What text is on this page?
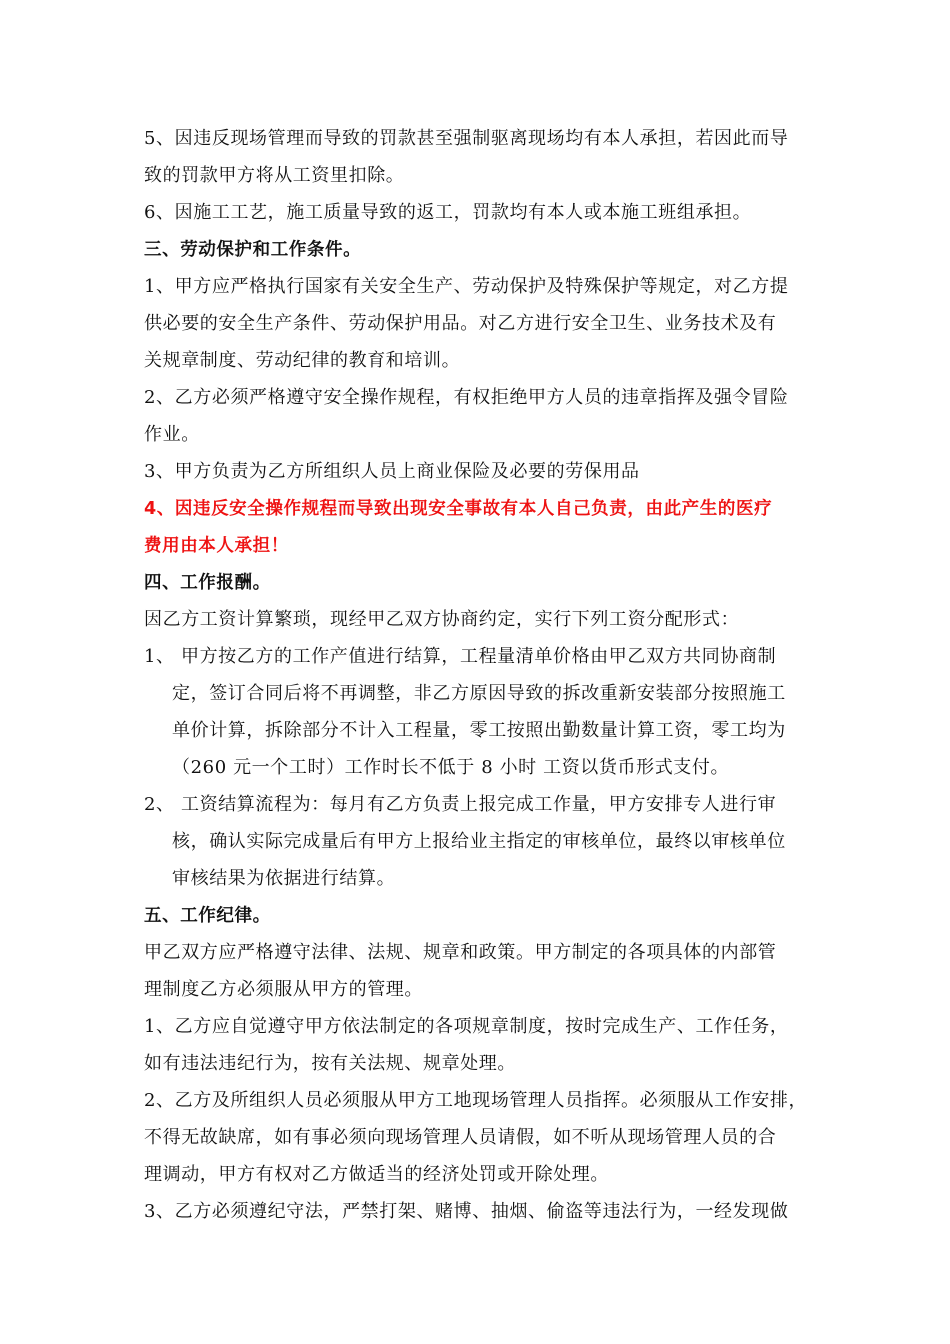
5、因违反现场管理而导致的罚款甚至强制驱离现场均有本人承担，若因此而导
致的罚款甲方将从工资里扣除。
6、因施工工艺，施工质量导致的返工，罚款均有本人或本施工班组承担。
三、劳动保护和工作条件。
1、甲方应严格执行国家有关安全生产、劳动保护及特殊保护等规定，对乙方提
供必要的安全生产条件、劳动保护用品。对乙方进行安全卫生、业务技术及有
关规章制度、劳动纪律的教育和培训。
2、乙方必须严格遵守安全操作规程，有权拒绝甲方人员的违章指挥及强令冒险
作业。
3、甲方负责为乙方所组织人员上商业保险及必要的劳保用品
4、因违反安全操作规程而导致出现安全事故有本人自己负责，由此产生的医疗
费用由本人承担！
四、工作报酬。
因乙方工资计算繁琐，现经甲乙双方协商约定，实行下列工资分配形式：
1、 甲方按乙方的工作产值进行结算，工程量清单价格由甲乙双方共同协商制
定，签订合同后将不再调整，非乙方原因导致的拆改重新安装部分按照施工
单价计算，拆除部分不计入工程量，零工按照出勤数量计算工资，零工均为
（260 元一个工时）工作时长不低于 8 小时 工资以货币形式支付。
2、 工资结算流程为：每月有乙方负责上报完成工作量，甲方安排专人进行审
核，确认实际完成量后有甲方上报给业主指定的审核单位，最终以审核单位
审核结果为依据进行结算。
五、工作纪律。
甲乙双方应严格遵守法律、法规、规章和政策。甲方制定的各项具体的内部管
理制度乙方必须服从甲方的管理。
1、乙方应自觉遵守甲方依法制定的各项规章制度，按时完成生产、工作任务，
如有违法违纪行为，按有关法规、规章处理。
2、乙方及所组织人员必须服从甲方工地现场管理人员指挥。必须服从工作安排，
不得无故缺席，如有事必须向现场管理人员请假，如不听从现场管理人员的合
理调动，甲方有权对乙方做适当的经济处罚或开除处理。
3、乙方必须遵纪守法，严禁打架、赌博、抽烟、偷盗等违法行为，一经发现做
